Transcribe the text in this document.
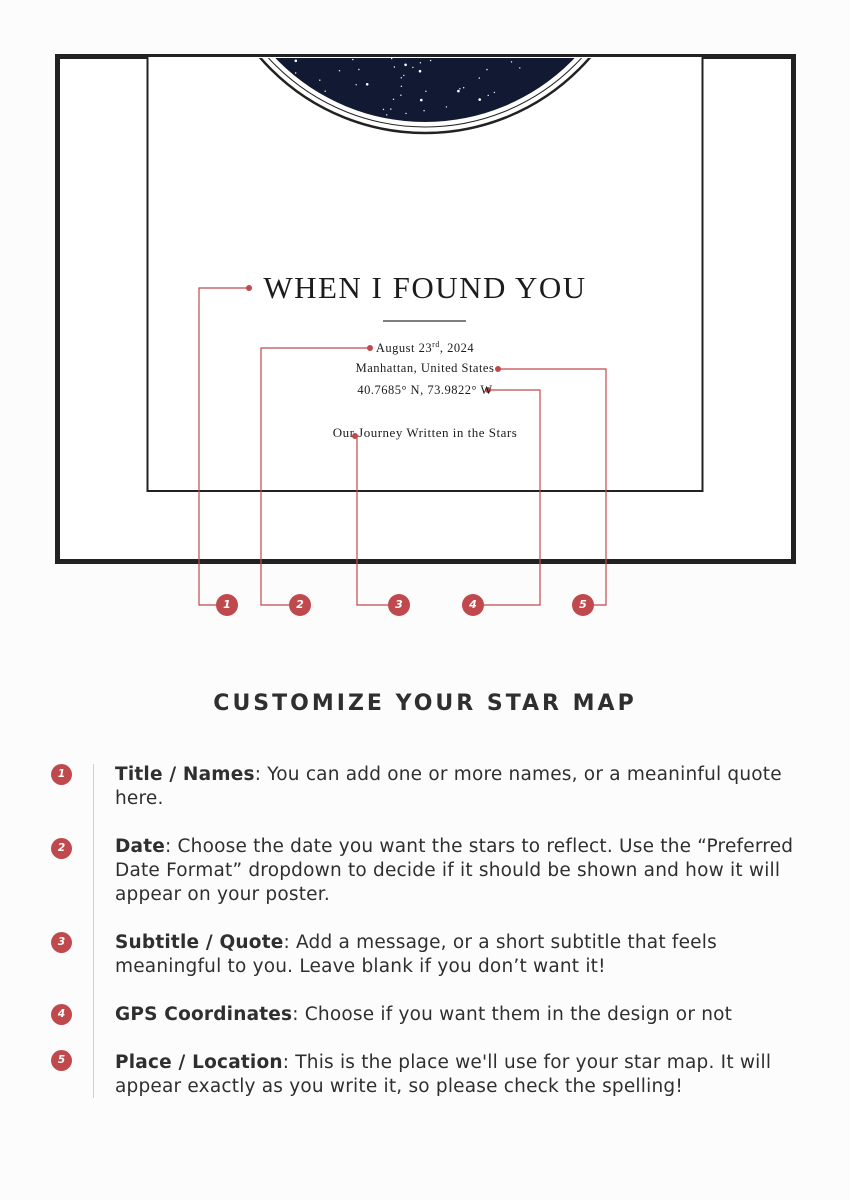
WHEN I FOUND YOU
August 23rd, 2024
Manhattan, United States
40.7685° N, 73.9822° W
Our Journey Written in the Stars
1	2	3	4	5
CUSTOMIZE YOUR STAR MAP
1	Title / Names: You can add one or more names, or a meaninful quote here.
2	Date: Choose the date you want the stars to reflect. Use the “Preferred Date Format” dropdown to decide if it should be shown and how it will appear on your poster.
3	Subtitle / Quote: Add a message, or a short subtitle that feels meaningful to you. Leave blank if you don’t want it!
4	GPS Coordinates: Choose if you want them in the design or not
5	Place / Location: This is the place we'll use for your star map. It will appear exactly as you write it, so please check the spelling!
